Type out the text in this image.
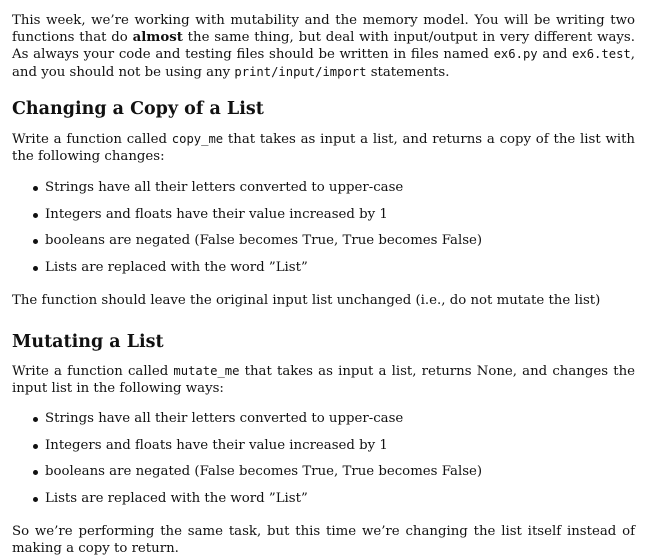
This week, we’re working with mutability and the memory model. You will be writing two functions that do almost the same thing, but deal with input/output in very different ways. As always your code and testing files should be written in files named ex6.py and ex6.test, and you should not be using any print/input/import statements.

Changing a Copy of a List

Write a function called copy_me that takes as input a list, and returns a copy of the list with the following changes:

Strings have all their letters converted to upper-case
Integers and floats have their value increased by 1
booleans are negated (False becomes True, True becomes False)
Lists are replaced with the word ”List”

The function should leave the original input list unchanged (i.e., do not mutate the list)

Mutating a List

Write a function called mutate_me that takes as input a list, returns None, and changes the input list in the following ways:

Strings have all their letters converted to upper-case
Integers and floats have their value increased by 1
booleans are negated (False becomes True, True becomes False)
Lists are replaced with the word ”List”

So we’re performing the same task, but this time we’re changing the list itself instead of making a copy to return.
